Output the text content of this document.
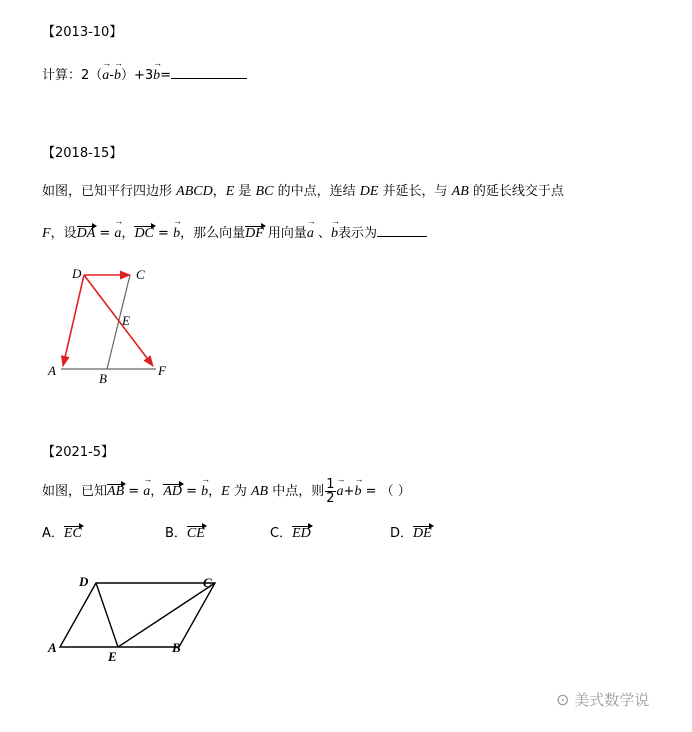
【2013-10】
计算：2（
→
a-
→
b）+3
→
b=
【2018-15】
如图，已知平行四边形 ABCD，E 是 BC 的中点，连结 DE 并延长，与 AB 的延长线交于点
F，设DA =
→
a，DC =
→
b，那么向量DF 用向量
→
a 、
→
b表示为
D	C
E
A
B
F
【2021-5】
如图，已知AB =
→
a，AD =
→
b，E 为 AB 中点，则 $\frac{1}{2}$ →
a+
→
b = （ ）
A．EC	B．CE	C．ED	D．DE
D	C
A
E
B
⊙ 美式数学说
